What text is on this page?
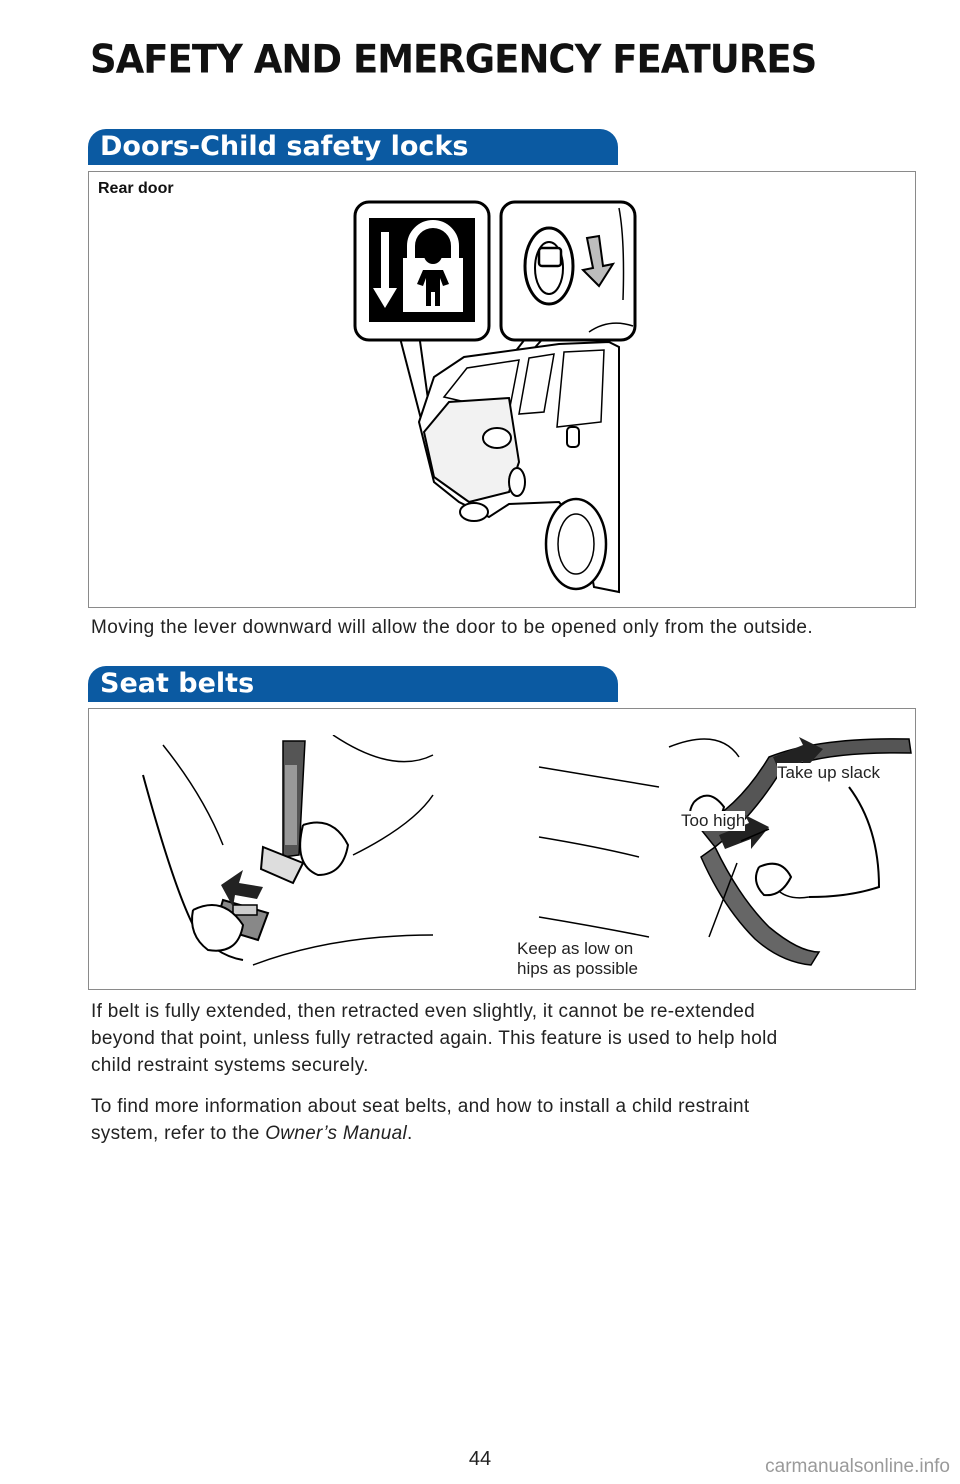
SAFETY AND EMERGENCY FEATURES
Doors-Child safety locks
Rear door

Moving the lever downward will allow the door to be opened only from the outside.

Seat belts
Take up slack
Too high
Keep as low on
hips as possible

If belt is fully extended, then retracted even slightly, it cannot be re-extended
beyond that point, unless fully retracted again. This feature is used to help hold
child restraint systems securely.

To find more information about seat belts, and how to install a child restraint
system, refer to the Owner’s Manual.

44	carmanualsonline.info
